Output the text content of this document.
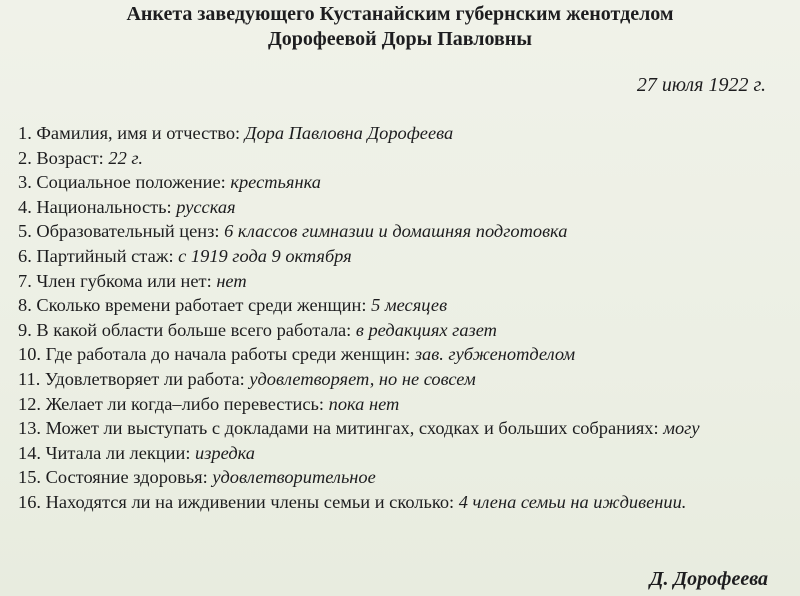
Анкета заведующего Кустанайским губернским женотделом
Дорофеевой Доры Павловны
27 июля 1922 г.
1. Фамилия, имя и отчество: Дора Павловна Дорофеева
2. Возраст: 22 г.
3. Социальное положение: крестьянка
4. Национальность: русская
5. Образовательный ценз: 6 классов гимназии и домашняя подготовка
6. Партийный стаж: с 1919 года 9 октября
7. Член губкома или нет: нет
8. Сколько времени работает среди женщин: 5 месяцев
9. В какой области больше всего работала: в редакциях газет
10. Где работала до начала работы среди женщин: зав. губженотделом
11. Удовлетворяет ли работа: удовлетворяет, но не совсем
12. Желает ли когда–либо перевестись: пока нет
13. Может ли выступать с докладами на митингах, сходках и больших собраниях: могу
14. Читала ли лекции: изредка
15. Состояние здоровья: удовлетворительное
16. Находятся ли на иждивении члены семьи и сколько: 4 члена семьи на иждивении.
Д. Дорофеева
